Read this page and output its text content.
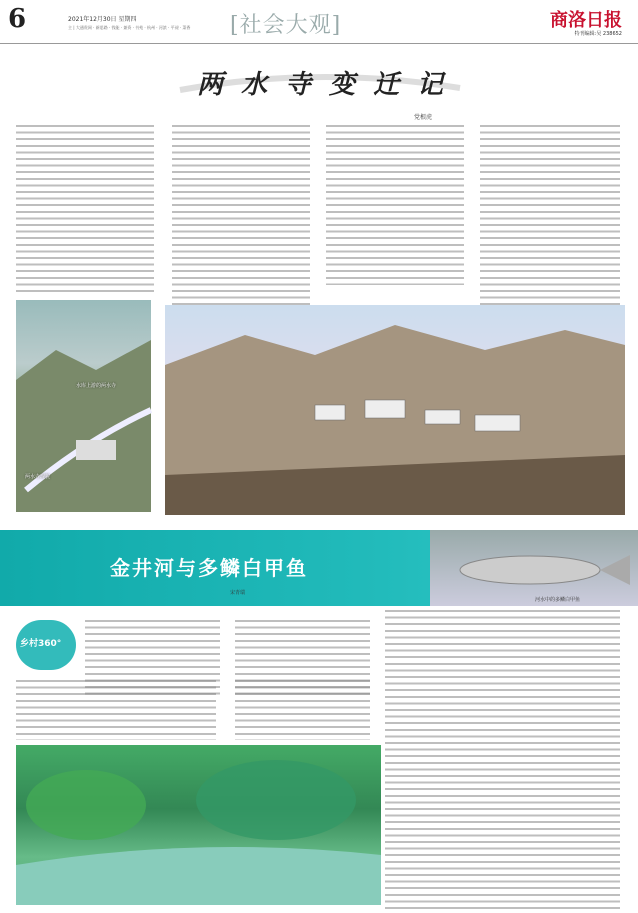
6	2021年12月30日 星期四
主 | 大通贵网 · 新思路 · 钱能 · 兼资 · 书苑 · 杭州 · 河滨 · 平昶 · 菜香	[社会大观]	商洛日报
特刊编辑:吴 238652
两 水 寺 变 迁 记
党根虎
水库上游的两水寺
两水寺现貌
金井河与多鳞白甲鱼
宋青瑞
河水中的多鳞白甲鱼
乡村360°
